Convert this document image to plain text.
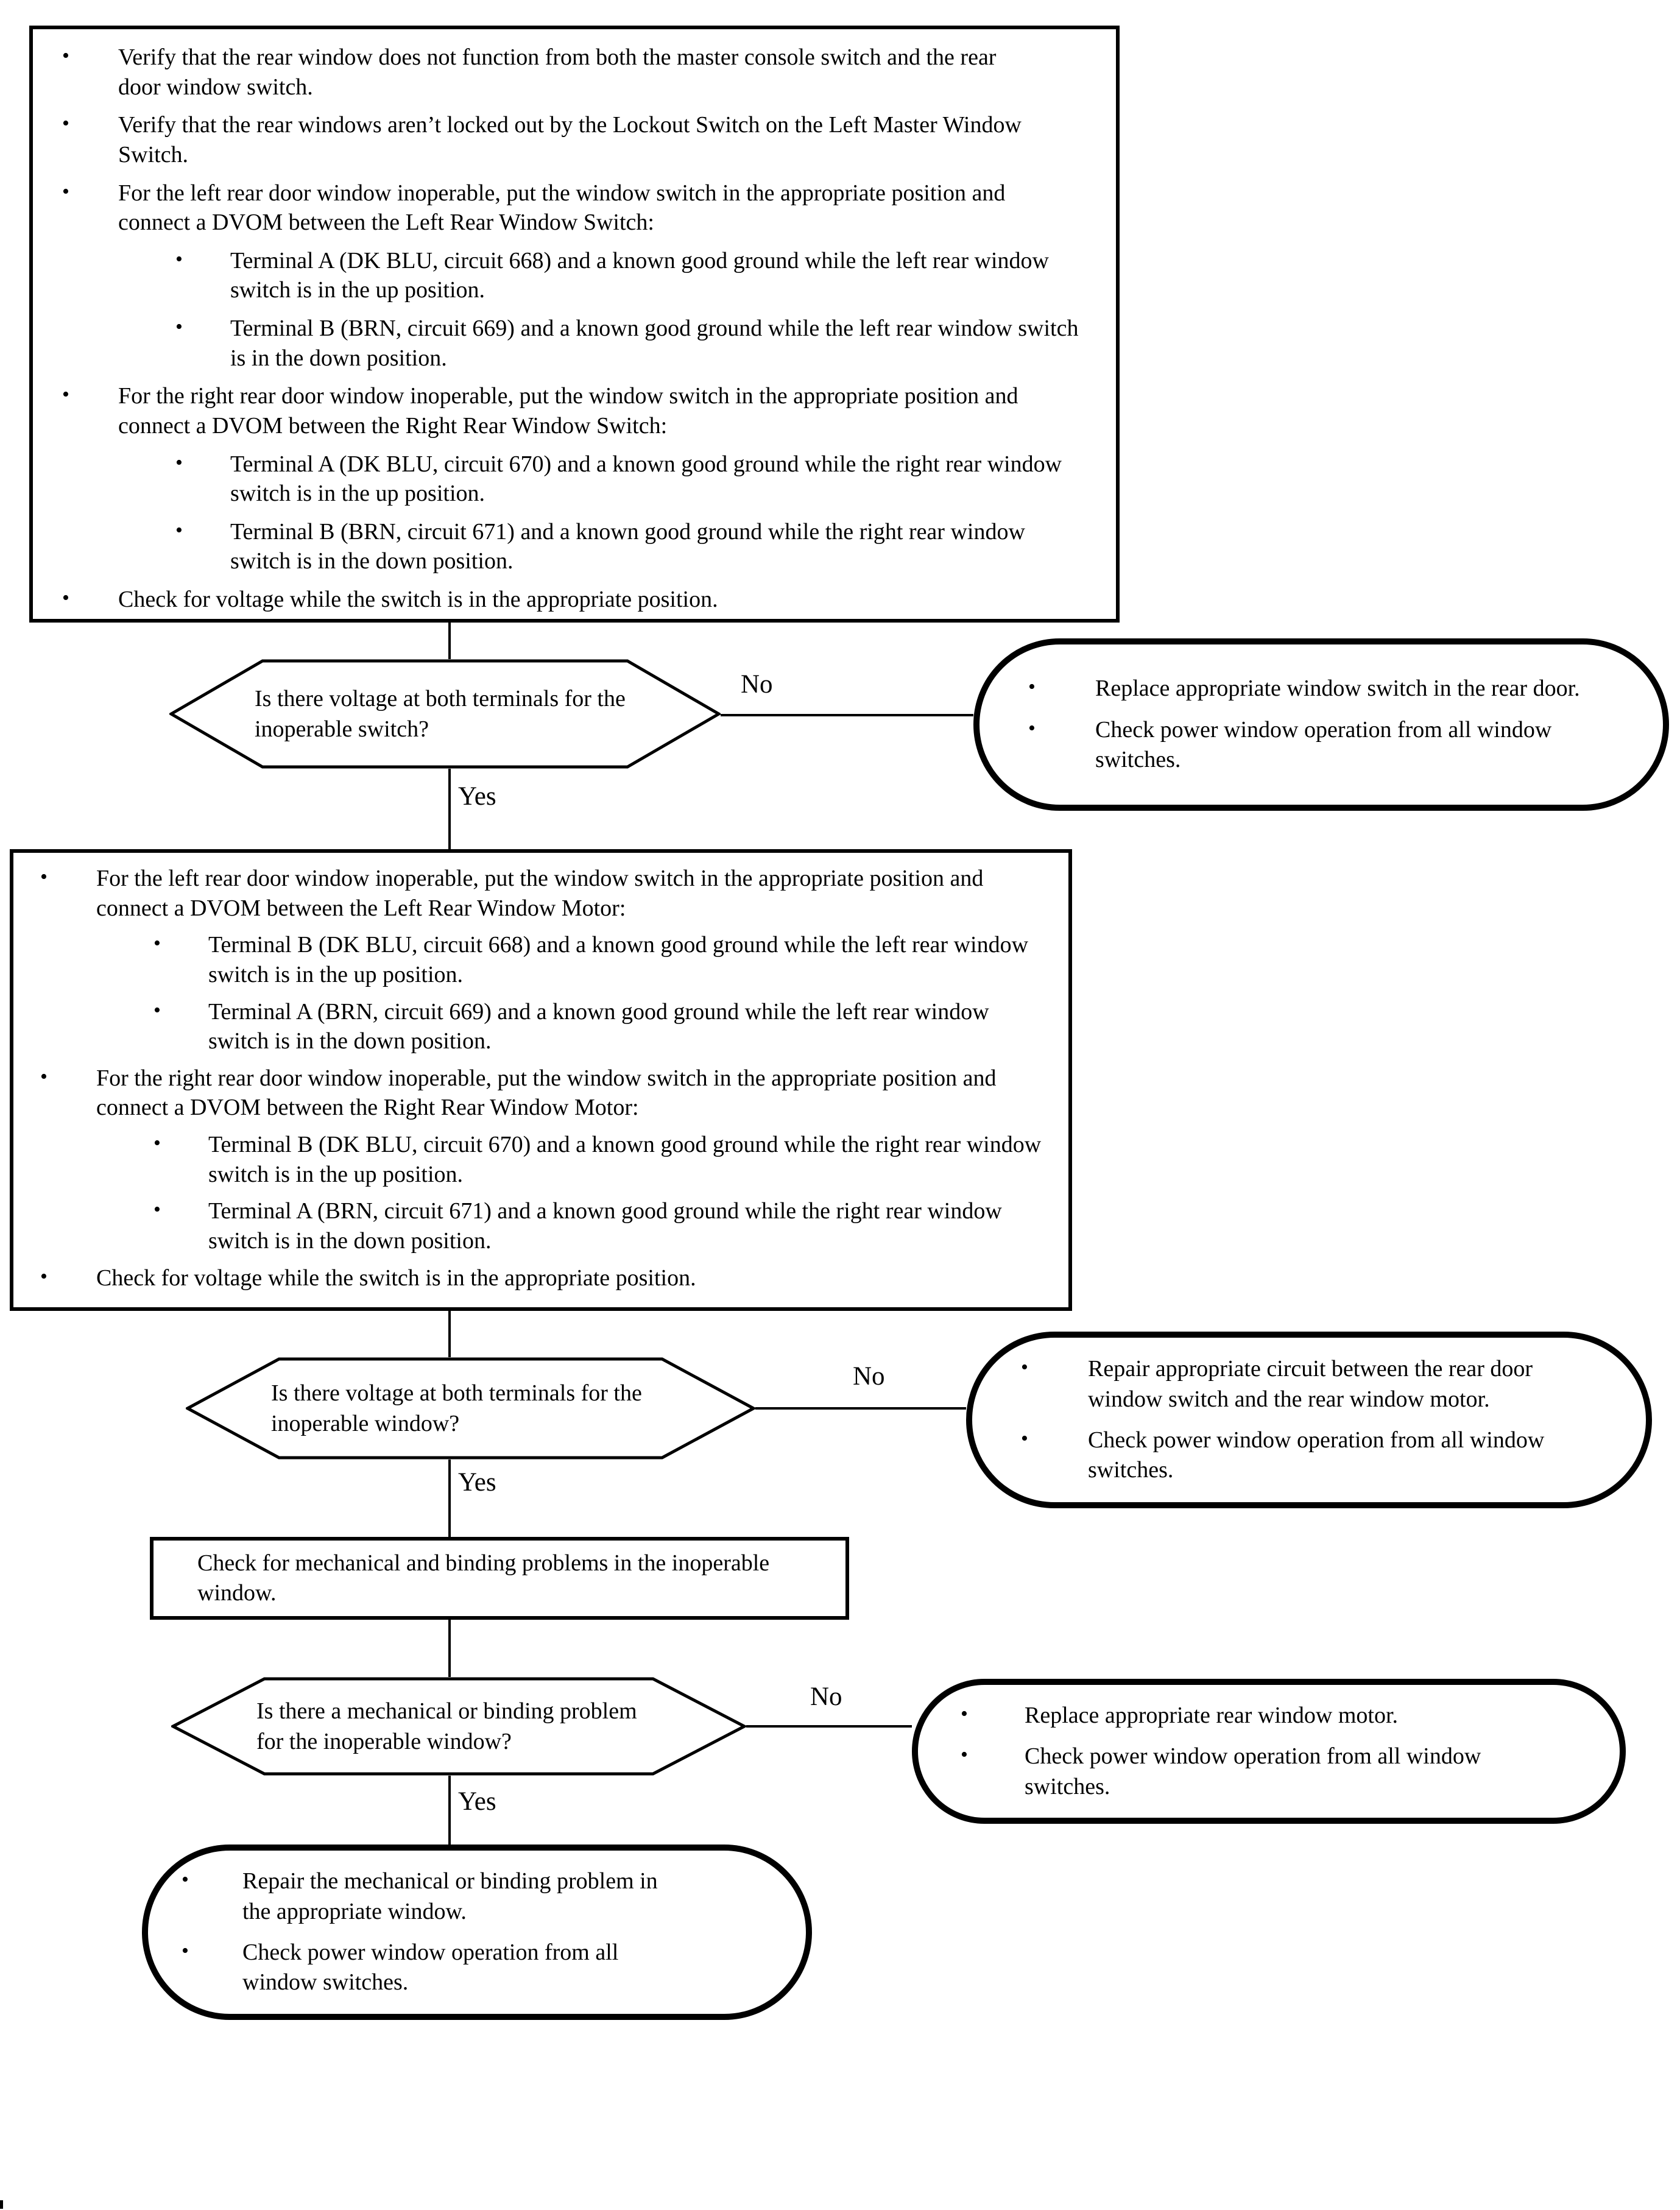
•	Verify that the rear window does not function from both the master console switch and the rear door window switch.
•	Verify that the rear windows aren’t locked out by the Lockout Switch on the Left Master Window Switch.
•	For the left rear door window inoperable, put the window switch in the appropriate position and connect a DVOM between the Left Rear Window Switch:
•	Terminal A (DK BLU, circuit 668) and a known good ground while the left rear window switch is in the up position.
•	Terminal B (BRN, circuit 669) and a known good ground while the left rear window switch is in the down position.
•	For the right rear door window inoperable, put the window switch in the appropriate position and connect a DVOM between the Right Rear Window Switch:
•	Terminal A (DK BLU, circuit 670) and a known good ground while the right rear window switch is in the up position.
•	Terminal B (BRN, circuit 671) and a known good ground while the right rear window switch is in the down position.
•	Check for voltage while the switch is in the appropriate position.
Is there voltage at both terminals for the inoperable switch?
No	•	Replace appropriate window switch in the rear door.
•	Check power window operation from all window switches.
Yes
•	For the left rear door window inoperable, put the window switch in the appropriate position and connect a DVOM between the Left Rear Window Motor:
•	Terminal B (DK BLU, circuit 668) and a known good ground while the left rear window switch is in the up position.
•	Terminal A (BRN, circuit 669) and a known good ground while the left rear window switch is in the down position.
•	For the right rear door window inoperable, put the window switch in the appropriate position and connect a DVOM between the Right Rear Window Motor:
•	Terminal B (DK BLU, circuit 670) and a known good ground while the right rear window switch is in the up position.
•	Terminal A (BRN, circuit 671) and a known good ground while the right rear window switch is in the down position.
•	Check for voltage while the switch is in the appropriate position.
Is there voltage at both terminals for the inoperable window?
No	•	Repair appropriate circuit between the rear door window switch and the rear window motor.
•	Check power window operation from all window switches.
Yes
Check for mechanical and binding problems in the inoperable window.
Is there a mechanical or binding problem for the inoperable window?
No
•	Replace appropriate rear window motor.
•	Check power window operation from all window switches.
Yes
•	Repair the mechanical or binding problem in the appropriate window.
•	Check power window operation from all window switches.
